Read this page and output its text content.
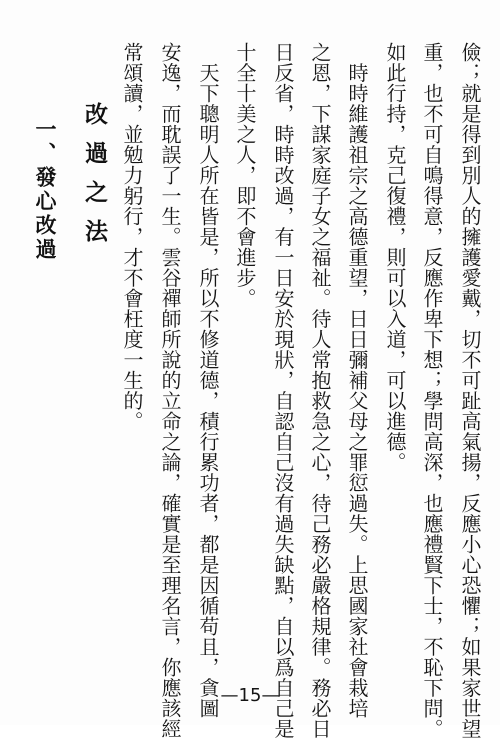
儉；就是得到別人的擁護愛戴，切不可趾高氣揚，反應小心恐懼；如果家世望
重，也不可自鳴得意，反應作卑下想；學問高深，也應禮賢下士，不恥下問。
如此行持，克己復禮，則可以入道，可以進德。
　時時維護祖宗之高德重望，日日彌補父母之罪愆過失。上思國家社會栽培
之恩，下謀家庭子女之福祉。待人常抱救急之心，待己務必嚴格規律。務必日
日反省，時時改過，有一日安於現狀，自認自己沒有過失缺點，自以爲自己是
十全十美之人，即不會進步。
　天下聰明人所在皆是，所以不修道德，積行累功者，都是因循苟且，貪圖
安逸，而耽誤了一生。雲谷禪師所說的立命之論，確實是至理名言，你應該經
常頌讀，並勉力躬行，才不會枉度一生的。
改過之法
一、發心改過
—15—
